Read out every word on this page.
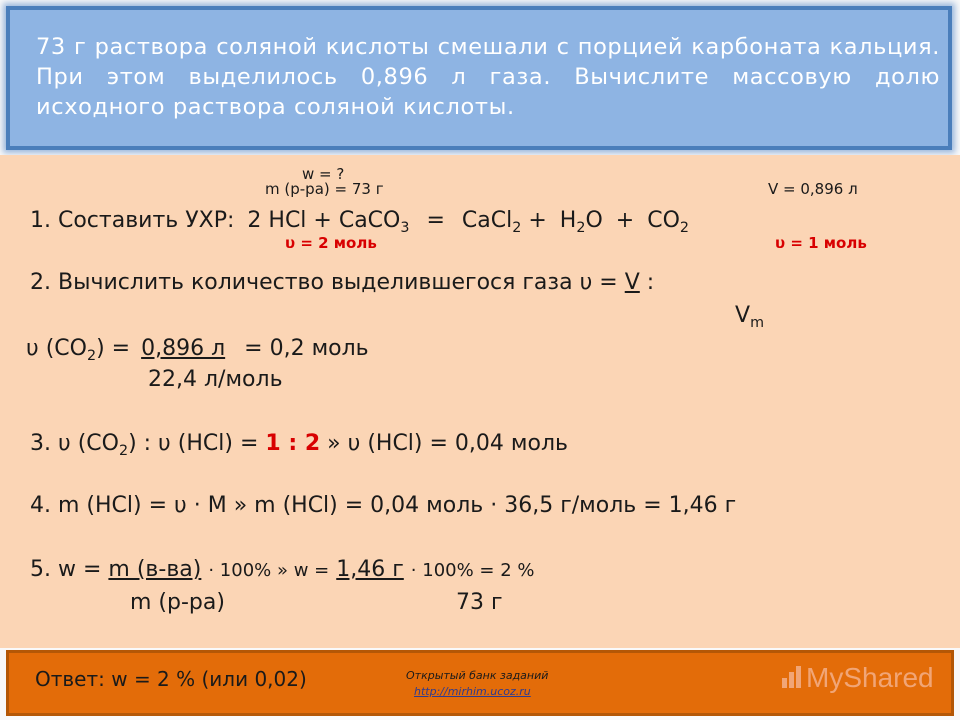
73 г раствора соляной кислоты смешали с порцией карбоната кальция. При этом выделилось 0,896 л газа. Вычислите массовую долю исходного раствора соляной кислоты.
w = ?
m (р-ра) = 73 г	V = 0,896 л
1. Составить УХР: 2 HCl + CaCO$_3$ = CaCl$_2$ + $H_2O + CO_2$
υ = 2 моль	υ = 1 моль
2. Вычислить количество выделившегося газа υ = V :
$V_m$
υ $(CO_2) = 0,896$ л = 0,2 моль
22,4 л/моль
3. υ $(CO_2)$ : υ (HCl) = 1 : 2 » υ (HCl) = 0,04 моль
4. m (HCl) = υ · M » m (HCl) = 0,04 моль · 36,5 г/моль = 1,46 г
5. w = m (в-ва) · 100% » w = 1,46 г · 100% = 2 %
m (р-ра)	73 г
Ответ: w = 2 % (или 0,02)	Открытый банк заданий
http://mirhim.ucoz.ru	MyShared
